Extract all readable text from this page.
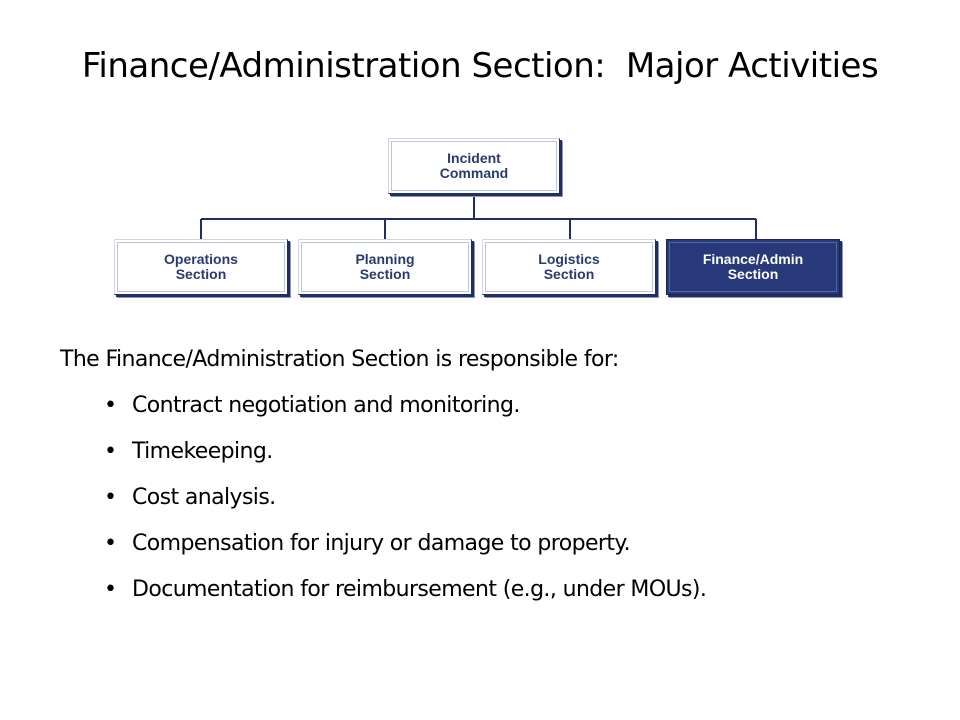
Finance/Administration Section:  Major Activities
Incident
Command
Operations
Section
Planning
Section
Logistics
Section
Finance/Admin
Section
The Finance/Administration Section is responsible for:
• Contract negotiation and monitoring.
• Timekeeping.
• Cost analysis.
• Compensation for injury or damage to property.
• Documentation for reimbursement (e.g., under MOUs).
